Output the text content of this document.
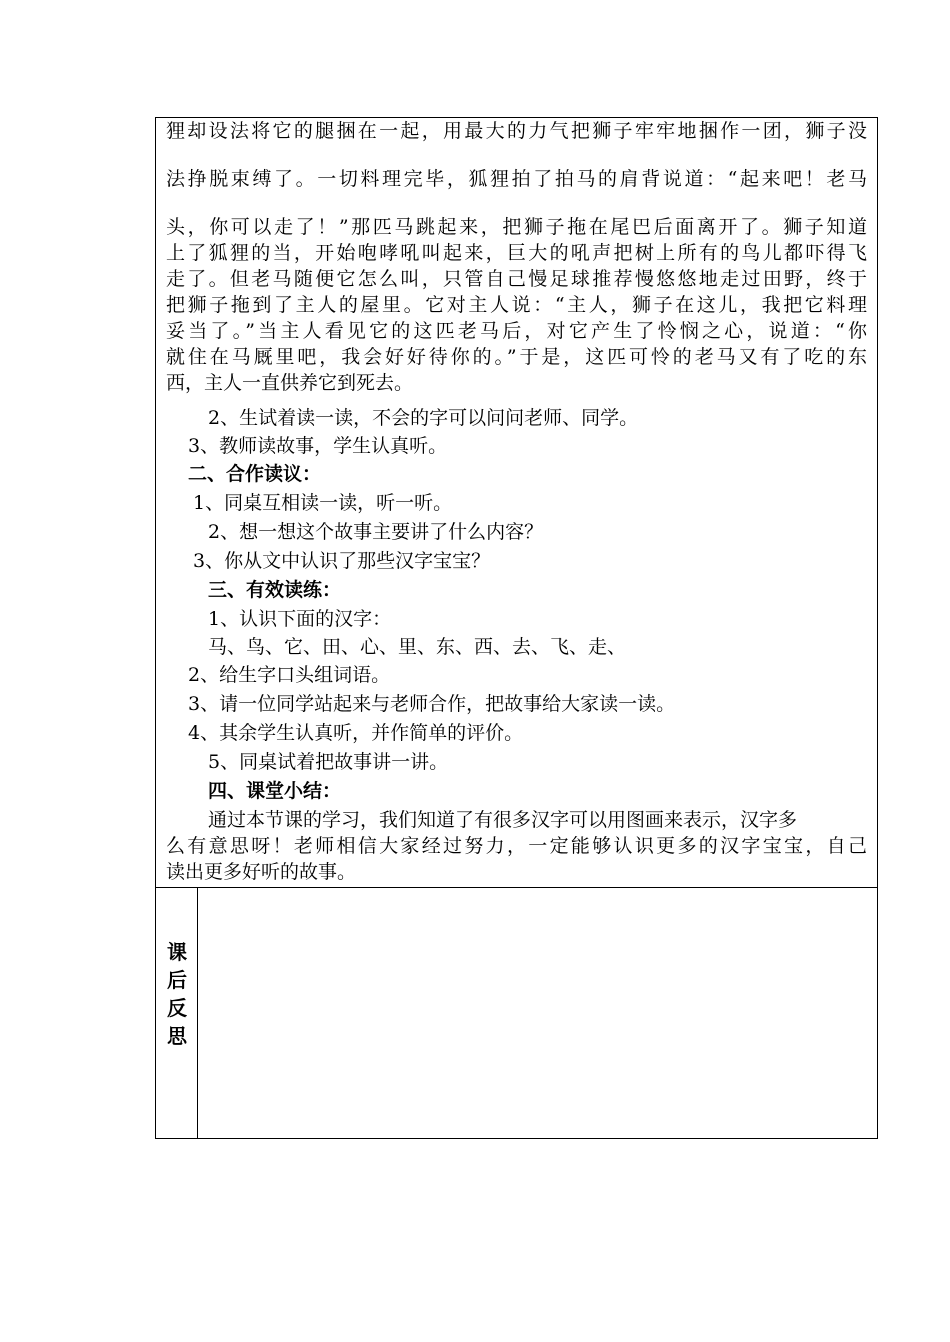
狸却设法将它的腿捆在一起，用最大的力气把狮子牢牢地捆作一团，狮子没
法挣脱束缚了。一切料理完毕，狐狸拍了拍马的肩背说道：“起来吧！老马
头，你可以走了！”那匹马跳起来，把狮子拖在尾巴后面离开了。狮子知道
上了狐狸的当，开始咆哮吼叫起来，巨大的吼声把树上所有的鸟儿都吓得飞
走了。但老马随便它怎么叫，只管自己慢足球推荐慢悠悠地走过田野，终于
把狮子拖到了主人的屋里。它对主人说：“主人，狮子在这儿，我把它料理
妥当了。”当主人看见它的这匹老马后，对它产生了怜悯之心，说道：“你
就住在马厩里吧，我会好好待你的。”于是，这匹可怜的老马又有了吃的东
西，主人一直供养它到死去。
2、生试着读一读，不会的字可以问问老师、同学。
3、教师读故事，学生认真听。
二、合作读议：
1、同桌互相读一读，听一听。
2、想一想这个故事主要讲了什么内容？
3、你从文中认识了那些汉字宝宝？
三、有效读练：
1、认识下面的汉字：
马、鸟、它、田、心、里、东、西、去、飞、走、
2、给生字口头组词语。
3、请一位同学站起来与老师合作，把故事给大家读一读。
4、其余学生认真听，并作简单的评价。
5、同桌试着把故事讲一讲。
四、课堂小结：
通过本节课的学习，我们知道了有很多汉字可以用图画来表示，汉字多
么有意思呀！老师相信大家经过努力，一定能够认识更多的汉字宝宝，自己
读出更多好听的故事。
课
后
反
思
